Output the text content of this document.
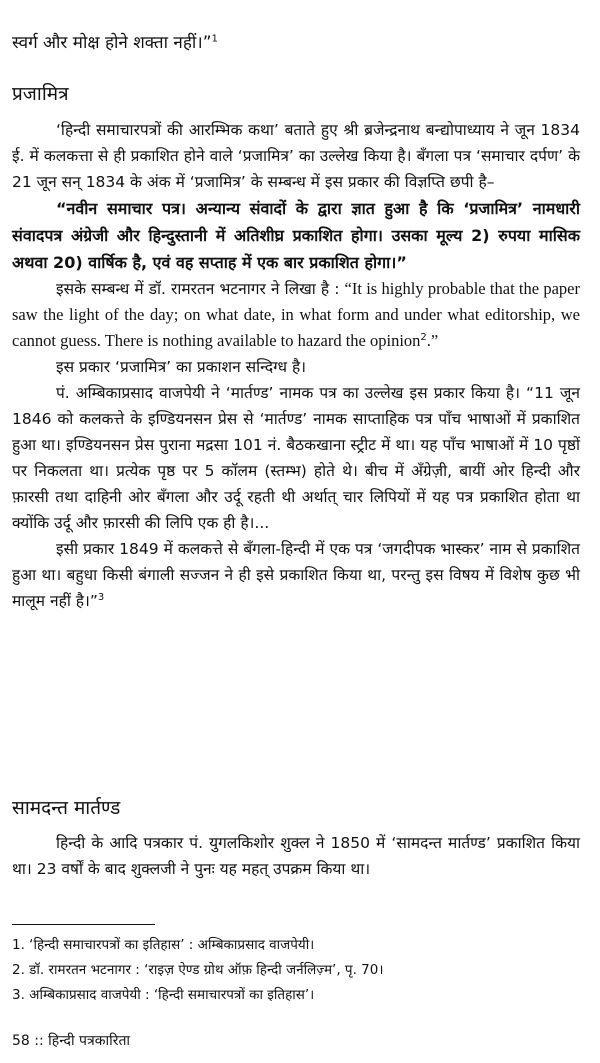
स्वर्ग और मोक्ष होने शक्ता नहीं।”$^1$

प्रजामित्र

‘हिन्दी समाचारपत्रों की आरम्भिक कथा’ बताते हुए श्री ब्रजेन्द्रनाथ बन्द्योपाध्याय ने जून 1834 ई. में कलकत्ता से ही प्रकाशित होने वाले ‘प्रजामित्र’ का उल्लेख किया है। बँगला पत्र ‘समाचार दर्पण’ के 21 जून सन् 1834 के अंक में ‘प्रजामित्र’ के सम्बन्ध में इस प्रकार की विज्ञप्ति छपी है–

“नवीन समाचार पत्र। अन्यान्य संवादों के द्वारा ज्ञात हुआ है कि ‘प्रजामित्र’ नामधारी संवादपत्र अंग्रेजी और हिन्दुस्तानी में अतिशीघ्र प्रकाशित होगा। उसका मूल्य 2) रुपया मासिक अथवा 20) वार्षिक है, एवं वह सप्ताह में एक बार प्रकाशित होगा।”

इसके सम्बन्ध में डॉ. रामरतन भटनागर ने लिखा है : “It is highly probable that the paper saw the light of the day; on what date, in what form and under what editorship, we cannot guess. There is nothing available to hazard the opinion$^2$.”

इस प्रकार ‘प्रजामित्र’ का प्रकाशन सन्दिग्ध है।

पं. अम्बिकाप्रसाद वाजपेयी ने ‘मार्तण्ड’ नामक पत्र का उल्लेख इस प्रकार किया है। “11 जून 1846 को कलकत्ते के इण्डियनसन प्रेस से ‘मार्तण्ड’ नामक साप्ताहिक पत्र पाँच भाषाओं में प्रकाशित हुआ था। इण्डियनसन प्रेस पुराना मद्रसा 101 नं. बैठकखाना स्ट्रीट में था। यह पाँच भाषाओं में 10 पृष्ठों पर निकलता था। प्रत्येक पृष्ठ पर 5 कॉलम (स्तम्भ) होते थे। बीच में अँग्रेज़ी, बायीं ओर हिन्दी और फ़ारसी तथा दाहिनी ओर बँगला और उर्दू रहती थी अर्थात् चार लिपियों में यह पत्र प्रकाशित होता था क्योंकि उर्दू और फ़ारसी की लिपि एक ही है।...

इसी प्रकार 1849 में कलकत्ते से बँगला-हिन्दी में एक पत्र ‘जगदीपक भास्कर’ नाम से प्रकाशित हुआ था। बहुधा किसी बंगाली सज्जन ने ही इसे प्रकाशित किया था, परन्तु इस विषय में विशेष कुछ भी मालूम नहीं है।”$^3$

सामदन्त मार्तण्ड

हिन्दी के आदि पत्रकार पं. युगलकिशोर शुक्ल ने 1850 में ‘सामदन्त मार्तण्ड’ प्रकाशित किया था। 23 वर्षों के बाद शुक्लजी ने पुनः यह महत् उपक्रम किया था।

1. ‘हिन्दी समाचारपत्रों का इतिहास’ : अम्बिकाप्रसाद वाजपेयी।

2. डॉ. रामरतन भटनागर : ‘राइज़ ऐण्ड ग्रोथ ऑफ़ हिन्दी जर्नलिज़्म’, पृ. 70।

3. अम्बिकाप्रसाद वाजपेयी : ‘हिन्दी समाचारपत्रों का इतिहास’।

58 :: हिन्दी पत्रकारिता
